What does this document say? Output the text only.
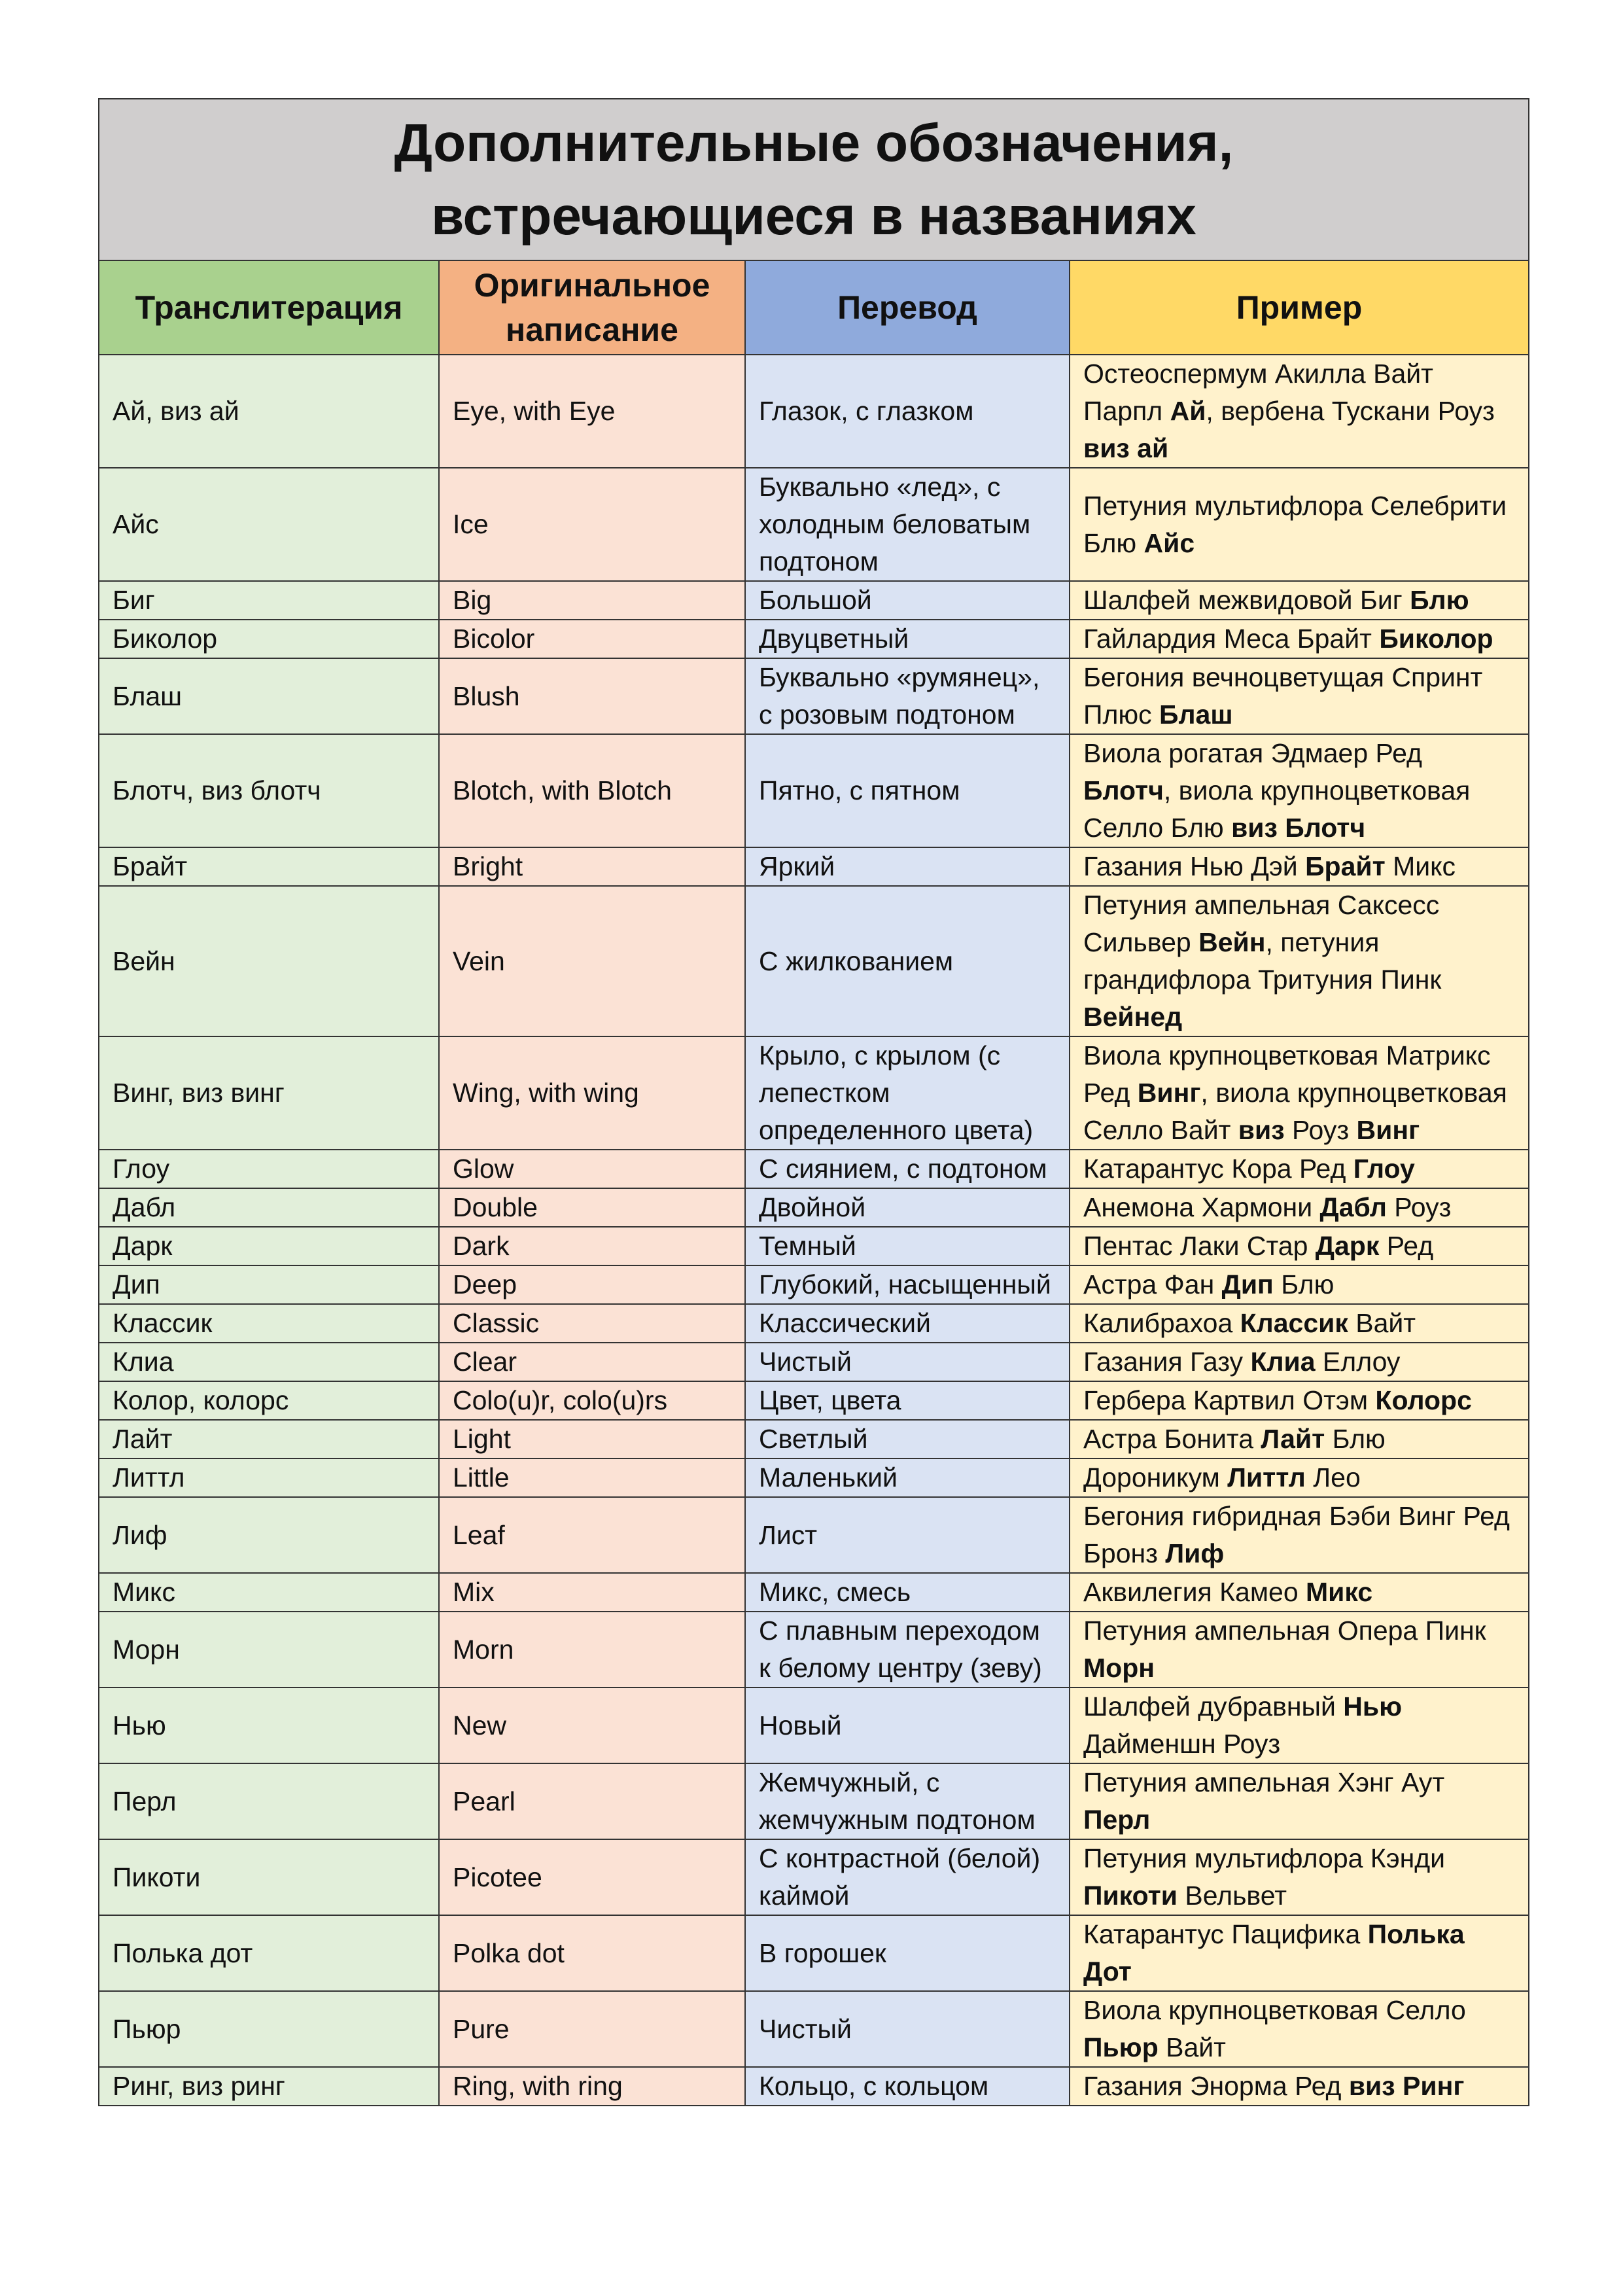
Дополнительные обозначения,
встречающиеся в названиях			

Транслитерация	Оригинальное написание	Перевод	Пример
Ай, виз ай	Eye, with Eye	Глазок, с глазком	Остеоспермум Акилла Вайт Парпл Ай, вербена Тускани Роуз виз ай
Айс	Ice	Буквально «лед», с холодным беловатым подтоном	Петуния мультифлора Селебрити Блю Айс
Биг	Big	Большой	Шалфей межвидовой Биг Блю
Биколор	Bicolor	Двуцветный	Гайлардия Меса Брайт Биколор
Блаш	Blush	Буквально «румянец», с розовым подтоном	Бегония вечноцветущая Спринт Плюс Блаш
Блотч, виз блотч	Blotch, with Blotch	Пятно, с пятном	Виола рогатая Эдмаер Ред Блотч, виола крупноцветковая Селло Блю виз Блотч
Брайт	Bright	Яркий	Газания Нью Дэй Брайт Микс
Вейн	Vein	С жилкованием	Петуния ампельная Саксесс Сильвер Вейн, петуния грандифлора Тритуния Пинк Вейнед
Винг, виз винг	Wing, with wing	Крыло, с крылом (с лепестком определенного цвета)	Виола крупноцветковая Матрикс Ред Винг, виола крупноцветковая Селло Вайт виз Роуз Винг
Глоу	Glow	С сиянием, с подтоном	Катарантус Кора Ред Глоу
Дабл	Double	Двойной	Анемона Хармони Дабл Роуз
Дарк	Dark	Темный	Пентас Лаки Стар Дарк Ред
Дип	Deep	Глубокий, насыщенный	Астра Фан Дип Блю
Классик	Classic	Классический	Калибрахоа Классик Вайт
Клиа	Clear	Чистый	Газания Газу Клиа Еллоу
Колор, колорс	Colo(u)r, colo(u)rs	Цвет, цвета	Гербера Картвил Отэм Колорс
Лайт	Light	Светлый	Астра Бонита Лайт Блю
Литтл	Little	Маленький	Дороникум Литтл Лео
Лиф	Leaf	Лист	Бегония гибридная Бэби Винг Ред Бронз Лиф
Микс	Mix	Микс, смесь	Аквилегия Камео Микс
Морн	Morn	С плавным переходом к белому центру (зеву)	Петуния ампельная Опера Пинк Морн
Нью	New	Новый	Шалфей дубравный Нью Дайменшн Роуз
Перл	Pearl	Жемчужный, с жемчужным подтоном	Петуния ампельная Хэнг Аут Перл
Пикоти	Picotee	С контрастной (белой) каймой	Петуния мультифлора Кэнди Пикоти Вельвет
Полька дот	Polka dot	В горошек	Катарантус Пацифика Полька Дот
Пьюр	Pure	Чистый	Виола крупноцветковая Селло Пьюр Вайт
Ринг, виз ринг	Ring, with ring	Кольцо, с кольцом	Газания Энорма Ред виз Ринг
